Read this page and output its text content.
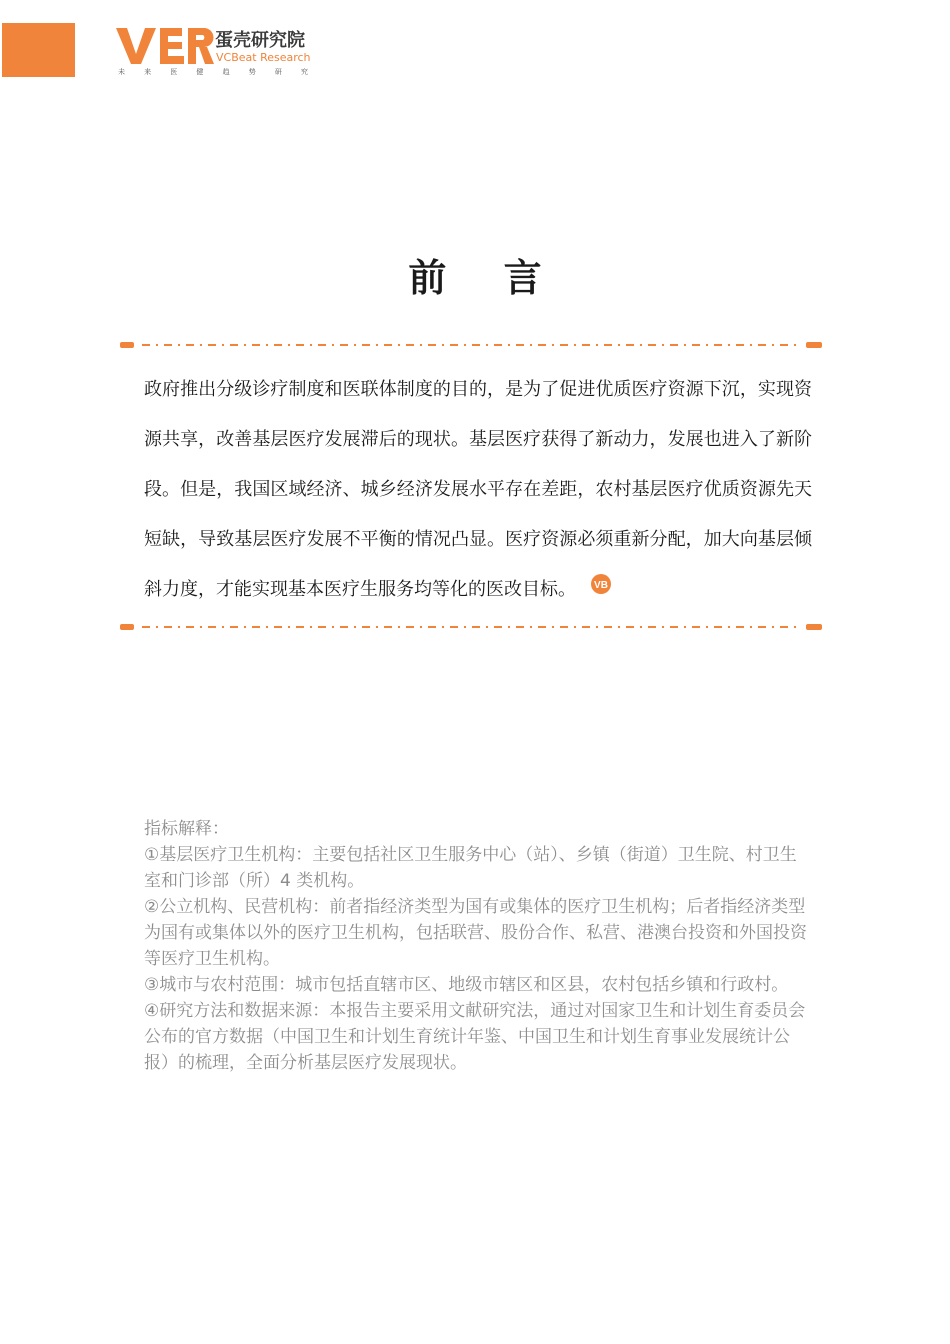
蛋壳研究院
VCBeat Research
未	来	医	健	趋	势	研	究
前 言
政府推出分级诊疗制度和医联体制度的目的，是为了促进优质医疗资源下沉，实现资源共享，改善基层医疗发展滞后的现状。基层医疗获得了新动力，发展也进入了新阶段。但是，我国区域经济、城乡经济发展水平存在差距，农村基层医疗优质资源先天短缺，导致基层医疗发展不平衡的情况凸显。医疗资源必须重新分配，加大向基层倾斜力度，才能实现基本医疗生服务均等化的医改目标。 VB

指标解释：

①基层医疗卫生机构：主要包括社区卫生服务中心（站）、乡镇（街道）卫生院、村卫生室和门诊部（所）4 类机构。

②公立机构、民营机构：前者指经济类型为国有或集体的医疗卫生机构；后者指经济类型为国有或集体以外的医疗卫生机构，包括联营、股份合作、私营、港澳台投资和外国投资等医疗卫生机构。

③城市与农村范围：城市包括直辖市区、地级市辖区和区县，农村包括乡镇和行政村。

④研究方法和数据来源：本报告主要采用文献研究法，通过对国家卫生和计划生育委员会公布的官方数据（中国卫生和计划生育统计年鉴、中国卫生和计划生育事业发展统计公报）的梳理，全面分析基层医疗发展现状。
